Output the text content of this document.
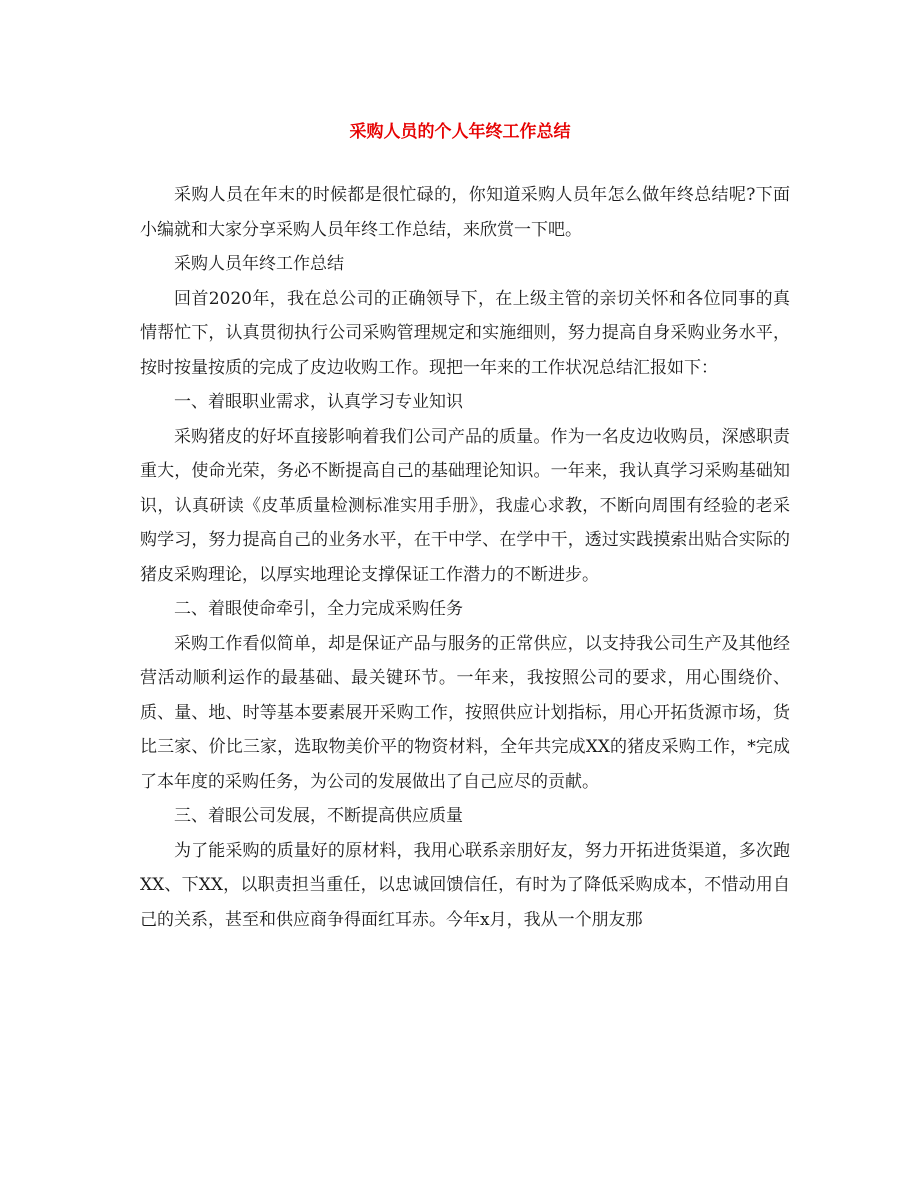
采购人员的个人年终工作总结

采购人员在年末的时候都是很忙碌的，你知道采购人员年怎么做年终总结呢?下面小编就和大家分享采购人员年终工作总结，来欣赏一下吧。

采购人员年终工作总结

回首2020年，我在总公司的正确领导下，在上级主管的亲切关怀和各位同事的真情帮忙下，认真贯彻执行公司采购管理规定和实施细则，努力提高自身采购业务水平，按时按量按质的完成了皮边收购工作。现把一年来的工作状况总结汇报如下：

一、着眼职业需求，认真学习专业知识

采购猪皮的好坏直接影响着我们公司产品的质量。作为一名皮边收购员，深感职责重大，使命光荣，务必不断提高自己的基础理论知识。一年来，我认真学习采购基础知识，认真研读《皮革质量检测标准实用手册》，我虚心求教，不断向周围有经验的老采购学习，努力提高自己的业务水平，在干中学、在学中干，透过实践摸索出贴合实际的猪皮采购理论，以厚实地理论支撑保证工作潜力的不断进步。

二、着眼使命牵引，全力完成采购任务

采购工作看似简单，却是保证产品与服务的正常供应，以支持我公司生产及其他经营活动顺利运作的最基础、最关键环节。一年来，我按照公司的要求，用心围绕价、质、量、地、时等基本要素展开采购工作，按照供应计划指标，用心开拓货源市场，货比三家、价比三家，选取物美价平的物资材料，全年共完成XX的猪皮采购工作，*完成了本年度的采购任务，为公司的发展做出了自己应尽的贡献。

三、着眼公司发展，不断提高供应质量

为了能采购的质量好的原材料，我用心联系亲朋好友，努力开拓进货渠道，多次跑XX、下XX，以职责担当重任，以忠诚回馈信任，有时为了降低采购成本，不惜动用自己的关系，甚至和供应商争得面红耳赤。今年x月，我从一个朋友那
